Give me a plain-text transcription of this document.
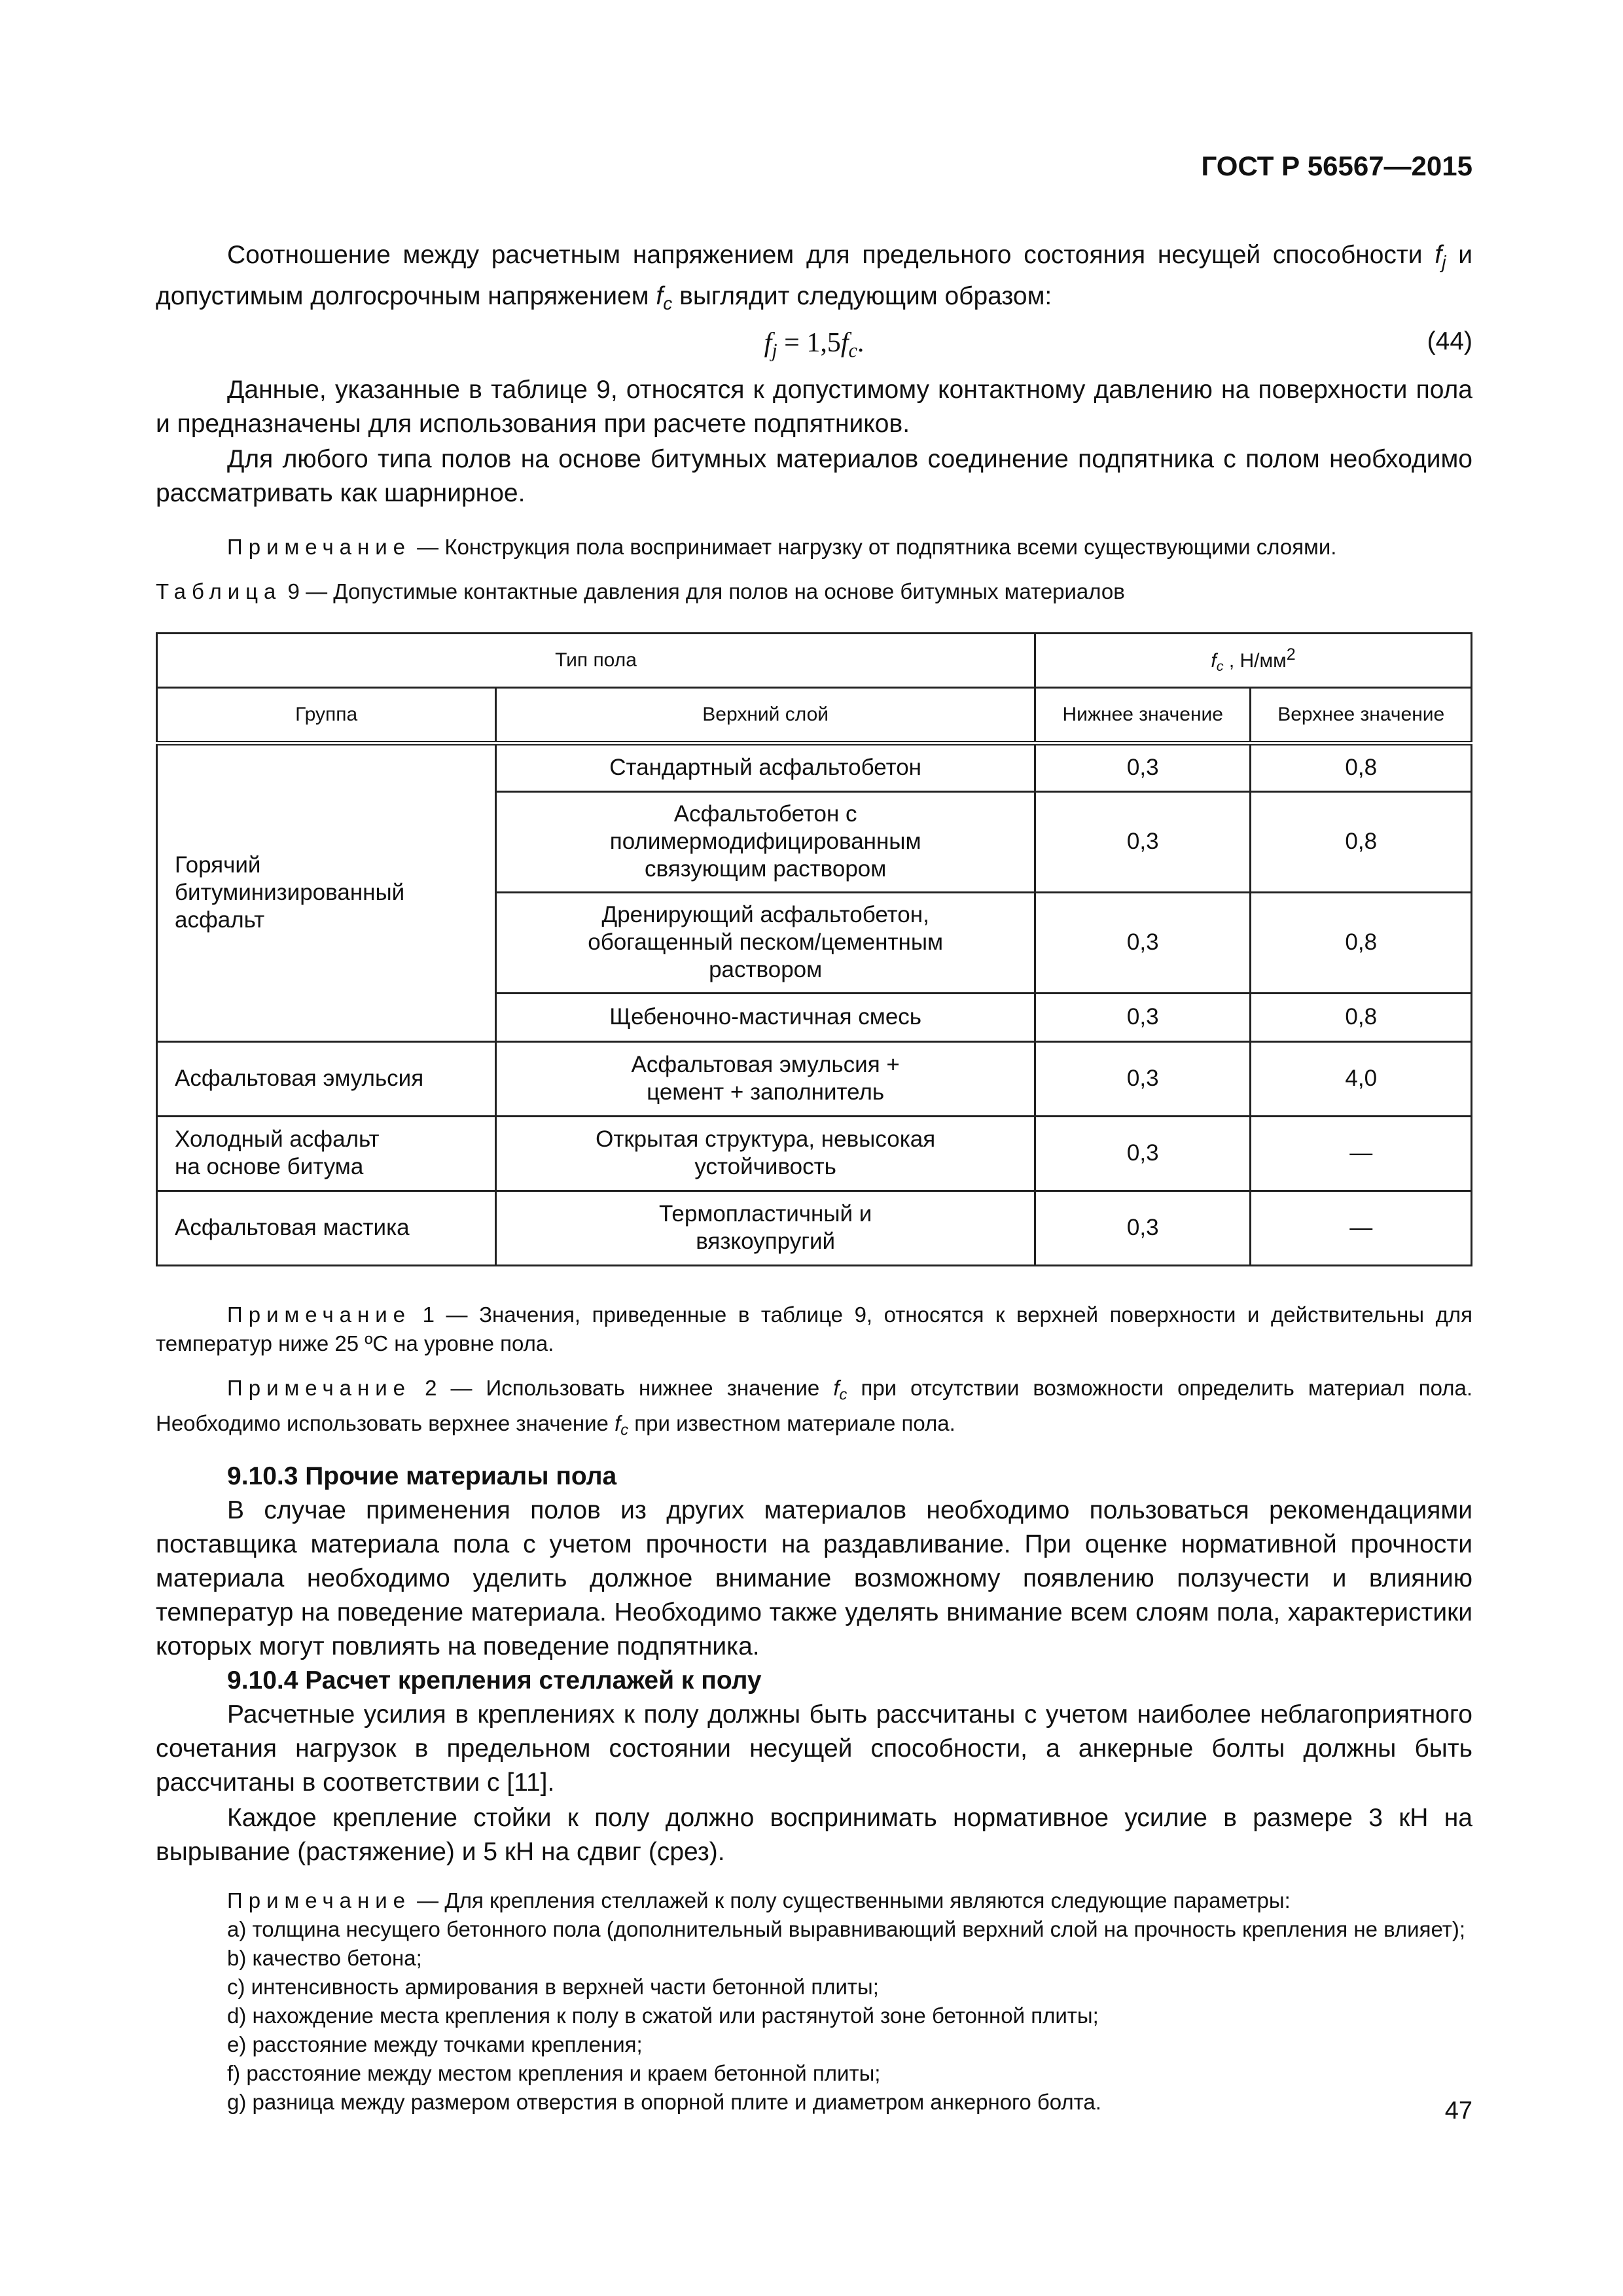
ГОСТ Р 56567—2015

Соотношение между расчетным напряжением для предельного состояния несущей способности $f_j$ и допустимым долгосрочным напряжением $f_c$ выглядит следующим образом:

$f_j = 1,5f_c$.	(44)

Данные, указанные в таблице 9, относятся к допустимому контактному давлению на поверхности пола и предназначены для использования при расчете подпятников.

Для любого типа полов на основе битумных материалов соединение подпятника с полом необходимо рассматривать как шарнирное.

Примечание — Конструкция пола воспринимает нагрузку от подпятника всеми существующими слоями.

Таблица 9 — Допустимые контактные давления для полов на основе битумных материалов

Тип пола		$f_c$ , $Н/мм^2$
Группа	Верхний слой	Нижнее значение	Верхнее значение
Горячий битуминизированный асфальт	Стандартный асфальтобетон	0,3	0,8
	Асфальтобетон с полимермодифицированным связующим раствором	0,3	0,8
	Дренирующий асфальтобетон, обогащенный песком/цементным раствором	0,3	0,8
	Щебеночно-мастичная смесь	0,3	0,8
Асфальтовая эмульсия	Асфальтовая эмульсия + цемент + заполнитель	0,3	4,0
Холодный асфальт на основе битума	Открытая структура, невысокая устойчивость	0,3	—
Асфальтовая мастика	Термопластичный и вязкоупругий	0,3	—

Примечание 1 — Значения, приведенные в таблице 9, относятся к верхней поверхности и действительны для температур ниже 25 ºС на уровне пола.

Примечание 2 — Использовать нижнее значение $f_c$ при отсутствии возможности определить материал пола. Необходимо использовать верхнее значение $f_c$ при известном материале пола.

9.10.3 Прочие материалы пола

В случае применения полов из других материалов необходимо пользоваться рекомендациями поставщика материала пола с учетом прочности на раздавливание. При оценке нормативной прочности материала необходимо уделить должное внимание возможному появлению ползучести и влиянию температур на поведение материала. Необходимо также уделять внимание всем слоям пола, характеристики которых могут повлиять на поведение подпятника.

9.10.4 Расчет крепления стеллажей к полу

Расчетные усилия в креплениях к полу должны быть рассчитаны с учетом наиболее неблагоприятного сочетания нагрузок в предельном состоянии несущей способности, а анкерные болты должны быть рассчитаны в соответствии с [11].

Каждое крепление стойки к полу должно воспринимать нормативное усилие в размере 3 кН на вырывание (растяжение) и 5 кН на сдвиг (срез).

Примечание — Для крепления стеллажей к полу существенными являются следующие параметры:

a) толщина несущего бетонного пола (дополнительный выравнивающий верхний слой на прочность крепления не влияет);

b) качество бетона;

c) интенсивность армирования в верхней части бетонной плиты;

d) нахождение места крепления к полу в сжатой или растянутой зоне бетонной плиты;

e) расстояние между точками крепления;

f) расстояние между местом крепления и краем бетонной плиты;

g) разница между размером отверстия в опорной плите и диаметром анкерного болта.	47
